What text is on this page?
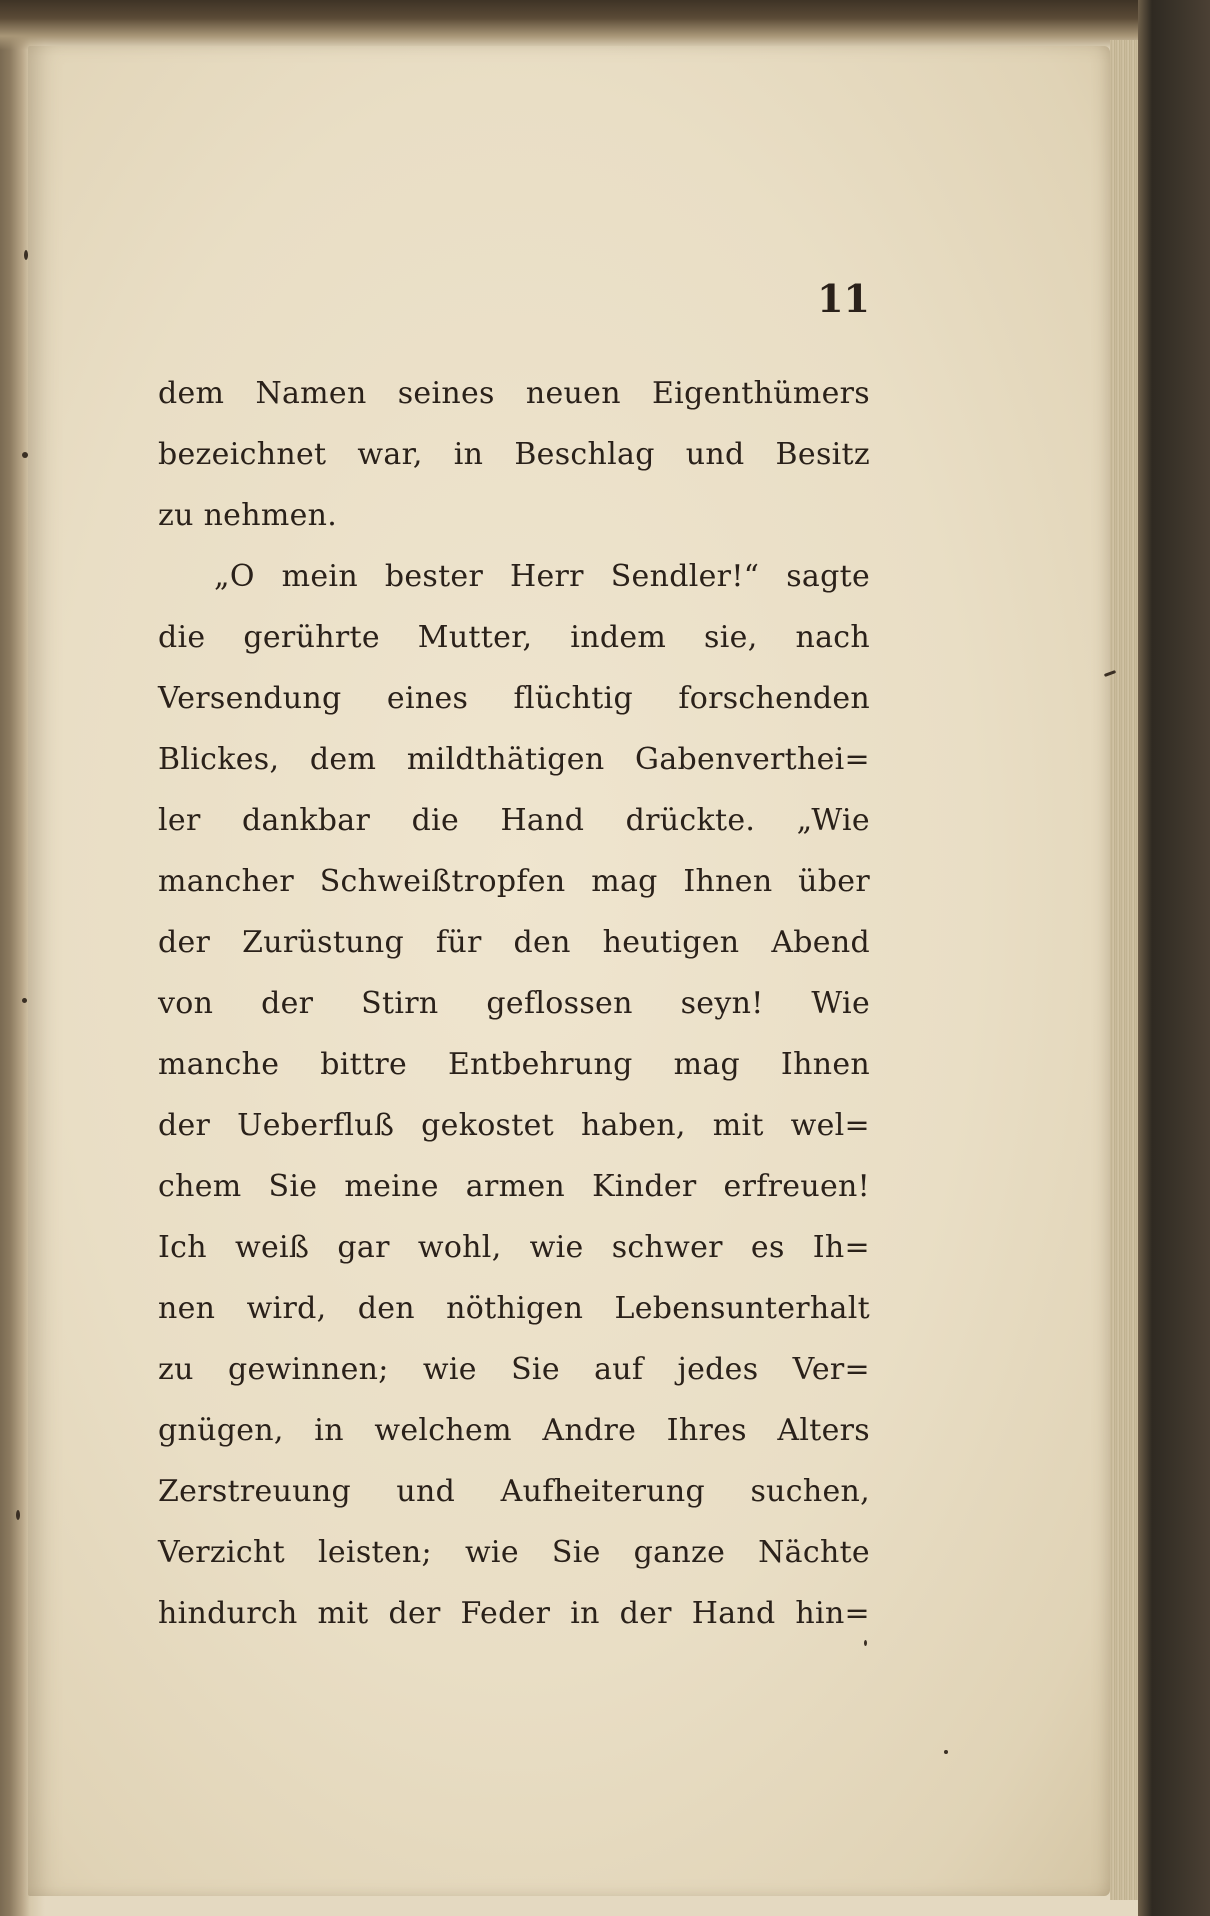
11
dem Namen seines neuen Eigenthümers
bezeichnet war, in Beschlag und Besitz
zu nehmen.
„O mein bester Herr Sendler!“ sagte
die gerührte Mutter, indem sie, nach
Versendung eines flüchtig forschenden
Blickes, dem mildthätigen Gabenverthei=
ler dankbar die Hand drückte. „Wie
mancher Schweißtropfen mag Ihnen über
der Zurüstung für den heutigen Abend
von der Stirn geflossen seyn! Wie
manche bittre Entbehrung mag Ihnen
der Ueberfluß gekostet haben, mit wel=
chem Sie meine armen Kinder erfreuen!
Ich weiß gar wohl, wie schwer es Ih=
nen wird, den nöthigen Lebensunterhalt
zu gewinnen; wie Sie auf jedes Ver=
gnügen, in welchem Andre Ihres Alters
Zerstreuung und Aufheiterung suchen,
Verzicht leisten; wie Sie ganze Nächte
hindurch mit der Feder in der Hand hin=
